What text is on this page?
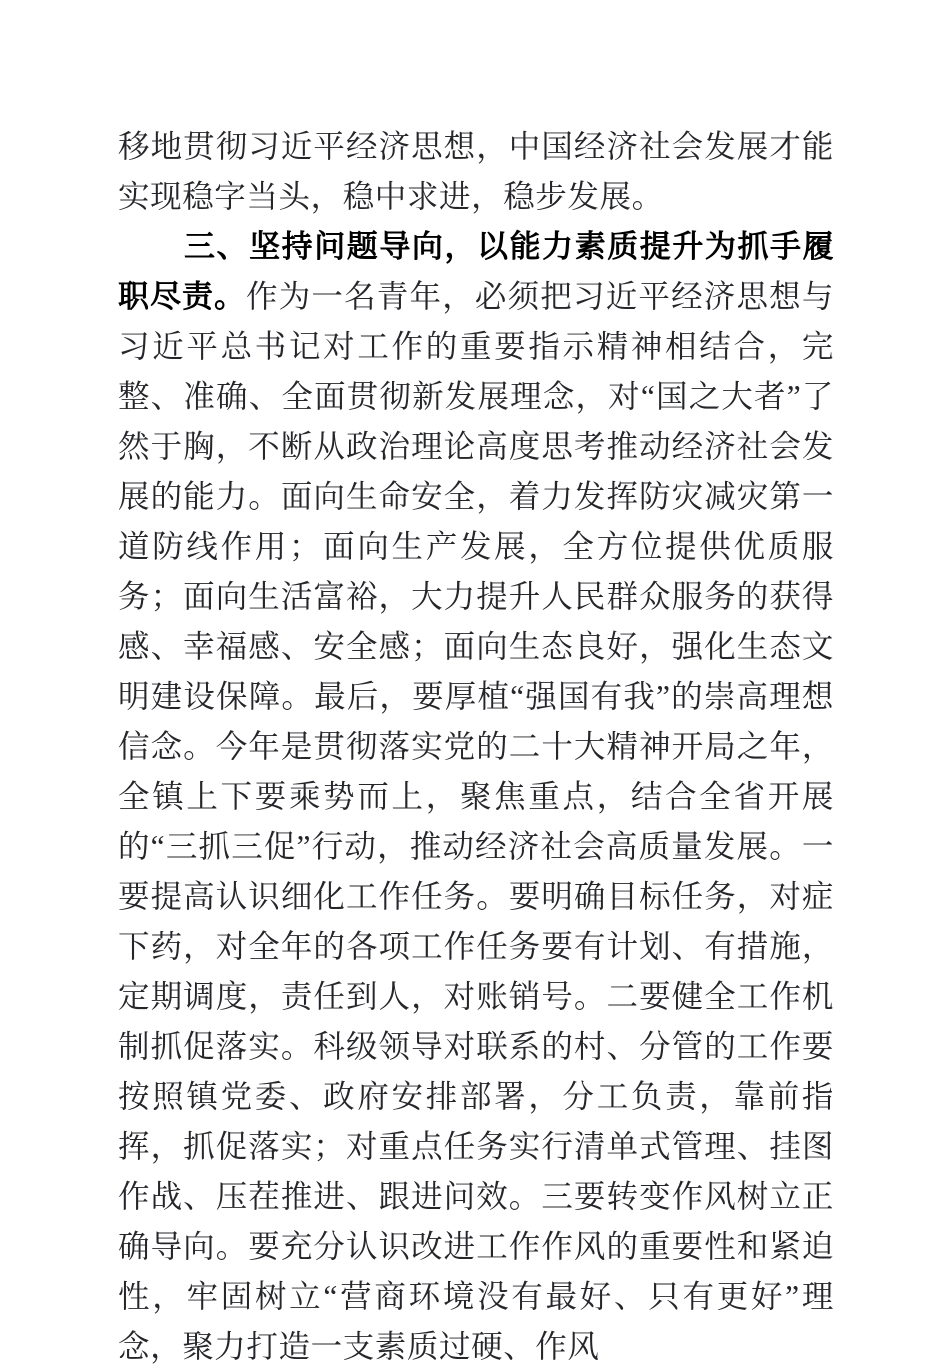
移地贯彻习近平经济思想，中国经济社会发展才能实现稳字当头，稳中求进，稳步发展。

三、坚持问题导向，以能力素质提升为抓手履职尽责。作为一名青年，必须把习近平经济思想与习近平总书记对工作的重要指示精神相结合，完整、准确、全面贯彻新发展理念，对“国之大者”了然于胸，不断从政治理论高度思考推动经济社会发展的能力。面向生命安全，着力发挥防灾减灾第一道防线作用；面向生产发展，全方位提供优质服务；面向生活富裕，大力提升人民群众服务的获得感、幸福感、安全感；面向生态良好，强化生态文明建设保障。最后，要厚植“强国有我”的崇高理想信念。今年是贯彻落实党的二十大精神开局之年，全镇上下要乘势而上，聚焦重点，结合全省开展的“三抓三促”行动，推动经济社会高质量发展。一要提高认识细化工作任务。要明确目标任务，对症下药，对全年的各项工作任务要有计划、有措施，定期调度，责任到人，对账销号。二要健全工作机制抓促落实。科级领导对联系的村、分管的工作要按照镇党委、政府安排部署，分工负责，靠前指挥，抓促落实；对重点任务实行清单式管理、挂图作战、压茬推进、跟进问效。三要转变作风树立正确导向。要充分认识改进工作作风的重要性和紧迫性，牢固树立“营商环境没有最好、只有更好”理念，聚力打造一支素质过硬、作风
